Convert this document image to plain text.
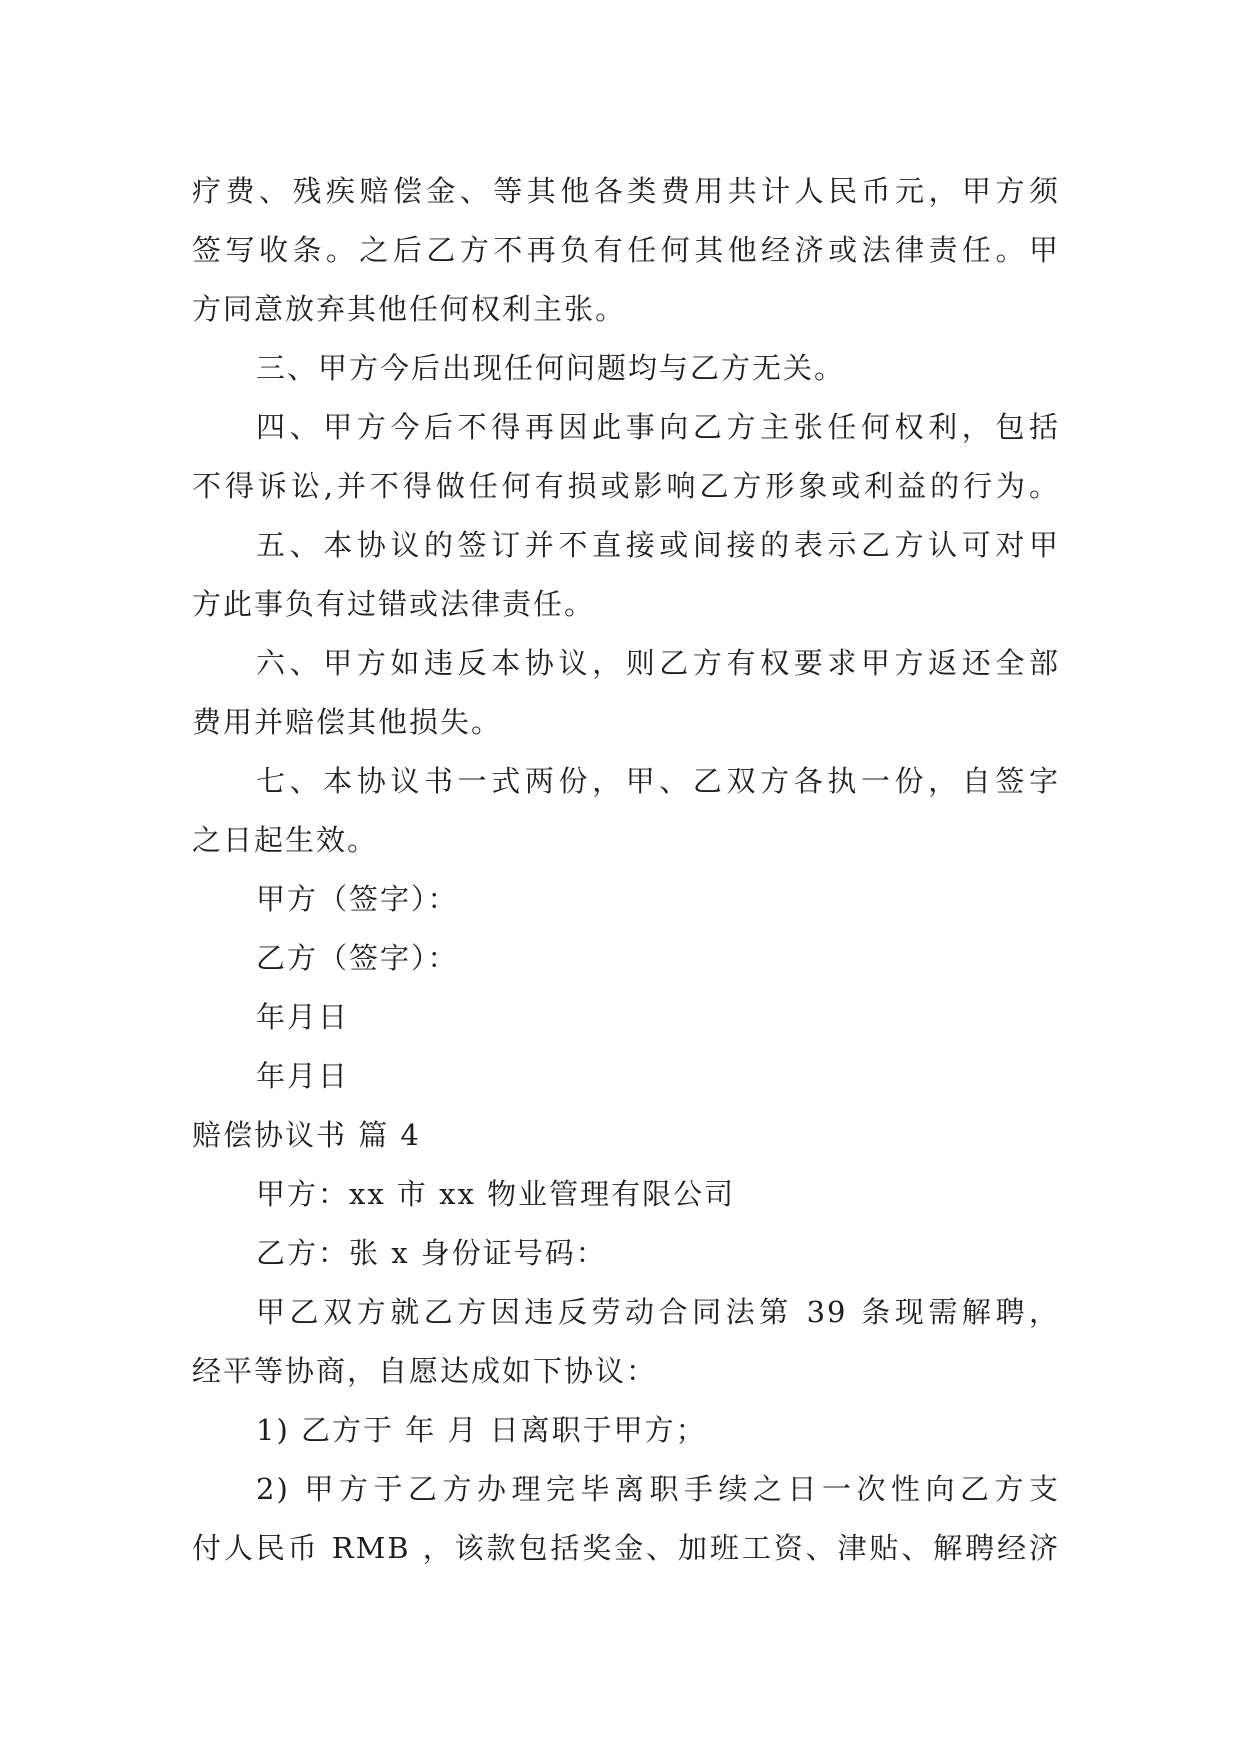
疗费、残疾赔偿金、等其他各类费用共计人民币元，甲方须
签写收条。之后乙方不再负有任何其他经济或法律责任。甲
方同意放弃其他任何权利主张。
三、甲方今后出现任何问题均与乙方无关。
四、甲方今后不得再因此事向乙方主张任何权利，包括
不得诉讼,并不得做任何有损或影响乙方形象或利益的行为。
五、本协议的签订并不直接或间接的表示乙方认可对甲
方此事负有过错或法律责任。
六、甲方如违反本协议，则乙方有权要求甲方返还全部
费用并赔偿其他损失。
七、本协议书一式两份，甲、乙双方各执一份，自签字
之日起生效。
甲方（签字）：
乙方（签字）：
年月日
年月日
赔偿协议书 篇 4
甲方：xx 市 xx 物业管理有限公司
乙方：张 x 身份证号码：
甲乙双方就乙方因违反劳动合同法第 39 条现需解聘，
经平等协商，自愿达成如下协议：
1) 乙方于 年 月 日离职于甲方；
2) 甲方于乙方办理完毕离职手续之日一次性向乙方支
付人民币 RMB ，该款包括奖金、加班工资、津贴、解聘经济
